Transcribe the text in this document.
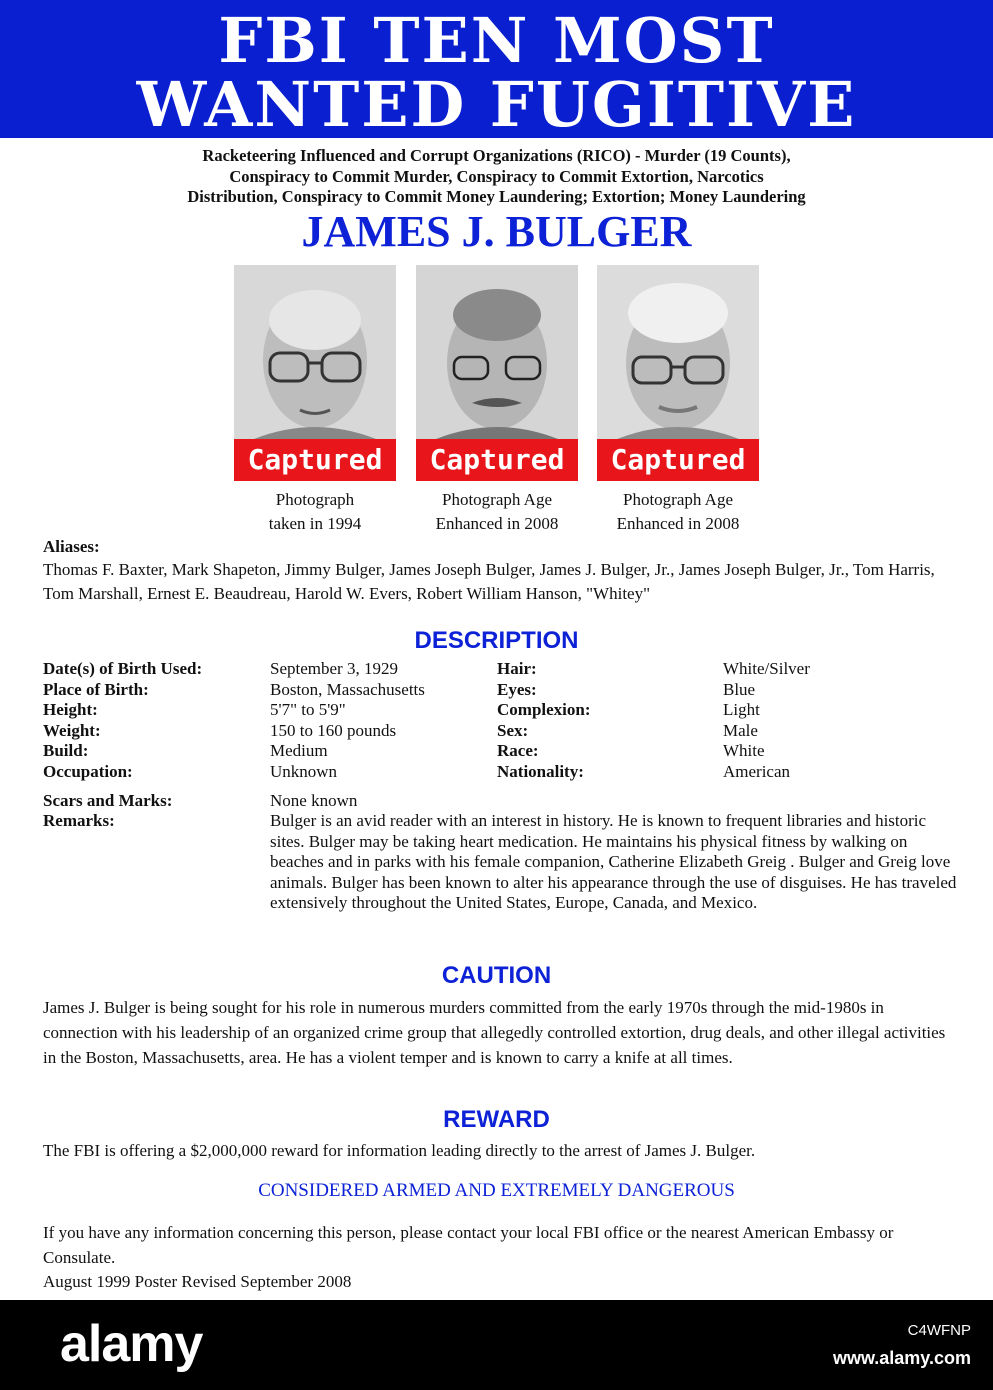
FBI TEN MOST
WANTED FUGITIVE
Racketeering Influenced and Corrupt Organizations (RICO) - Murder (19 Counts),
Conspiracy to Commit Murder, Conspiracy to Commit Extortion, Narcotics
Distribution, Conspiracy to Commit Money Laundering; Extortion; Money Laundering
JAMES J. BULGER
Captured	Captured	Captured
Photograph
taken in 1994
Photograph Age
Enhanced in 2008
Photograph Age
Enhanced in 2008
Aliases:
Thomas F. Baxter, Mark Shapeton, Jimmy Bulger, James Joseph Bulger, James J. Bulger, Jr., James Joseph Bulger, Jr., Tom Harris, Tom Marshall, Ernest E. Beaudreau, Harold W. Evers, Robert William Hanson, "Whitey"
DESCRIPTION
Date(s) of Birth Used:	September 3, 1929	Hair:	White/Silver
Place of Birth:	Boston, Massachusetts	Eyes:	Blue
Height:	5'7" to 5'9"	Complexion:	Light
Weight:	150 to 160 pounds	Sex:	Male
Build:	Medium	Race:	White
Occupation:	Unknown	Nationality:	American
Scars and Marks:	None known
Remarks:	Bulger is an avid reader with an interest in history. He is known to frequent libraries and historic sites. Bulger may be taking heart medication. He maintains his physical fitness by walking on beaches and in parks with his female companion, Catherine Elizabeth Greig . Bulger and Greig love animals. Bulger has been known to alter his appearance through the use of disguises. He has traveled extensively throughout the United States, Europe, Canada, and Mexico.
CAUTION
James J. Bulger is being sought for his role in numerous murders committed from the early 1970s through the mid-1980s in connection with his leadership of an organized crime group that allegedly controlled extortion, drug deals, and other illegal activities in the Boston, Massachusetts, area. He has a violent temper and is known to carry a knife at all times.
REWARD
The FBI is offering a $2,000,000 reward for information leading directly to the arrest of James J. Bulger.
CONSIDERED ARMED AND EXTREMELY DANGEROUS
If you have any information concerning this person, please contact your local FBI office or the nearest American Embassy or Consulate.
August 1999 Poster Revised September 2008
alamy	C4WFNP
www.alamy.com
